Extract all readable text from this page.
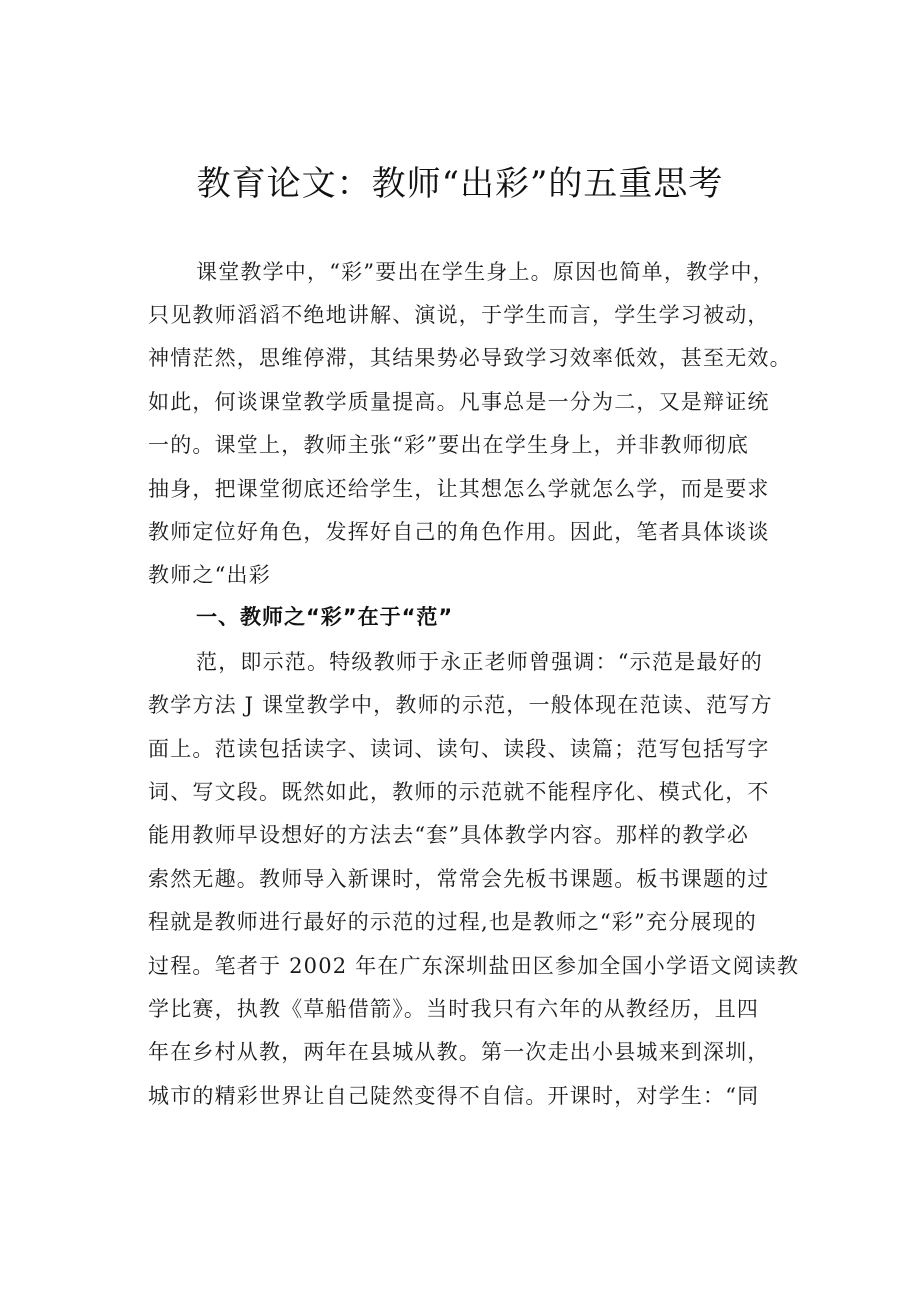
教育论文：教师“出彩”的五重思考
课堂教学中，“彩”要出在学生身上。原因也简单，教学中，
只见教师滔滔不绝地讲解、演说，于学生而言，学生学习被动，
神情茫然，思维停滞，其结果势必导致学习效率低效，甚至无效。
如此，何谈课堂教学质量提高。凡事总是一分为二，又是辩证统
一的。课堂上，教师主张“彩”要出在学生身上，并非教师彻底
抽身，把课堂彻底还给学生，让其想怎么学就怎么学，而是要求
教师定位好角色，发挥好自己的角色作用。因此，笔者具体谈谈
教师之“出彩
一、教师之“彩”在于“范”
范，即示范。特级教师于永正老师曾强调：“示范是最好的
教学方法 J 课堂教学中，教师的示范，一般体现在范读、范写方
面上。范读包括读字、读词、读句、读段、读篇；范写包括写字
词、写文段。既然如此，教师的示范就不能程序化、模式化，不
能用教师早设想好的方法去“套”具体教学内容。那样的教学必
索然无趣。教师导入新课时，常常会先板书课题。板书课题的过
程就是教师进行最好的示范的过程,也是教师之“彩”充分展现的
过程。笔者于 2002 年在广东深圳盐田区参加全国小学语文阅读教
学比赛，执教《草船借箭》。当时我只有六年的从教经历，且四
年在乡村从教，两年在县城从教。第一次走出小县城来到深圳，
城市的精彩世界让自己陡然变得不自信。开课时，对学生：“同
